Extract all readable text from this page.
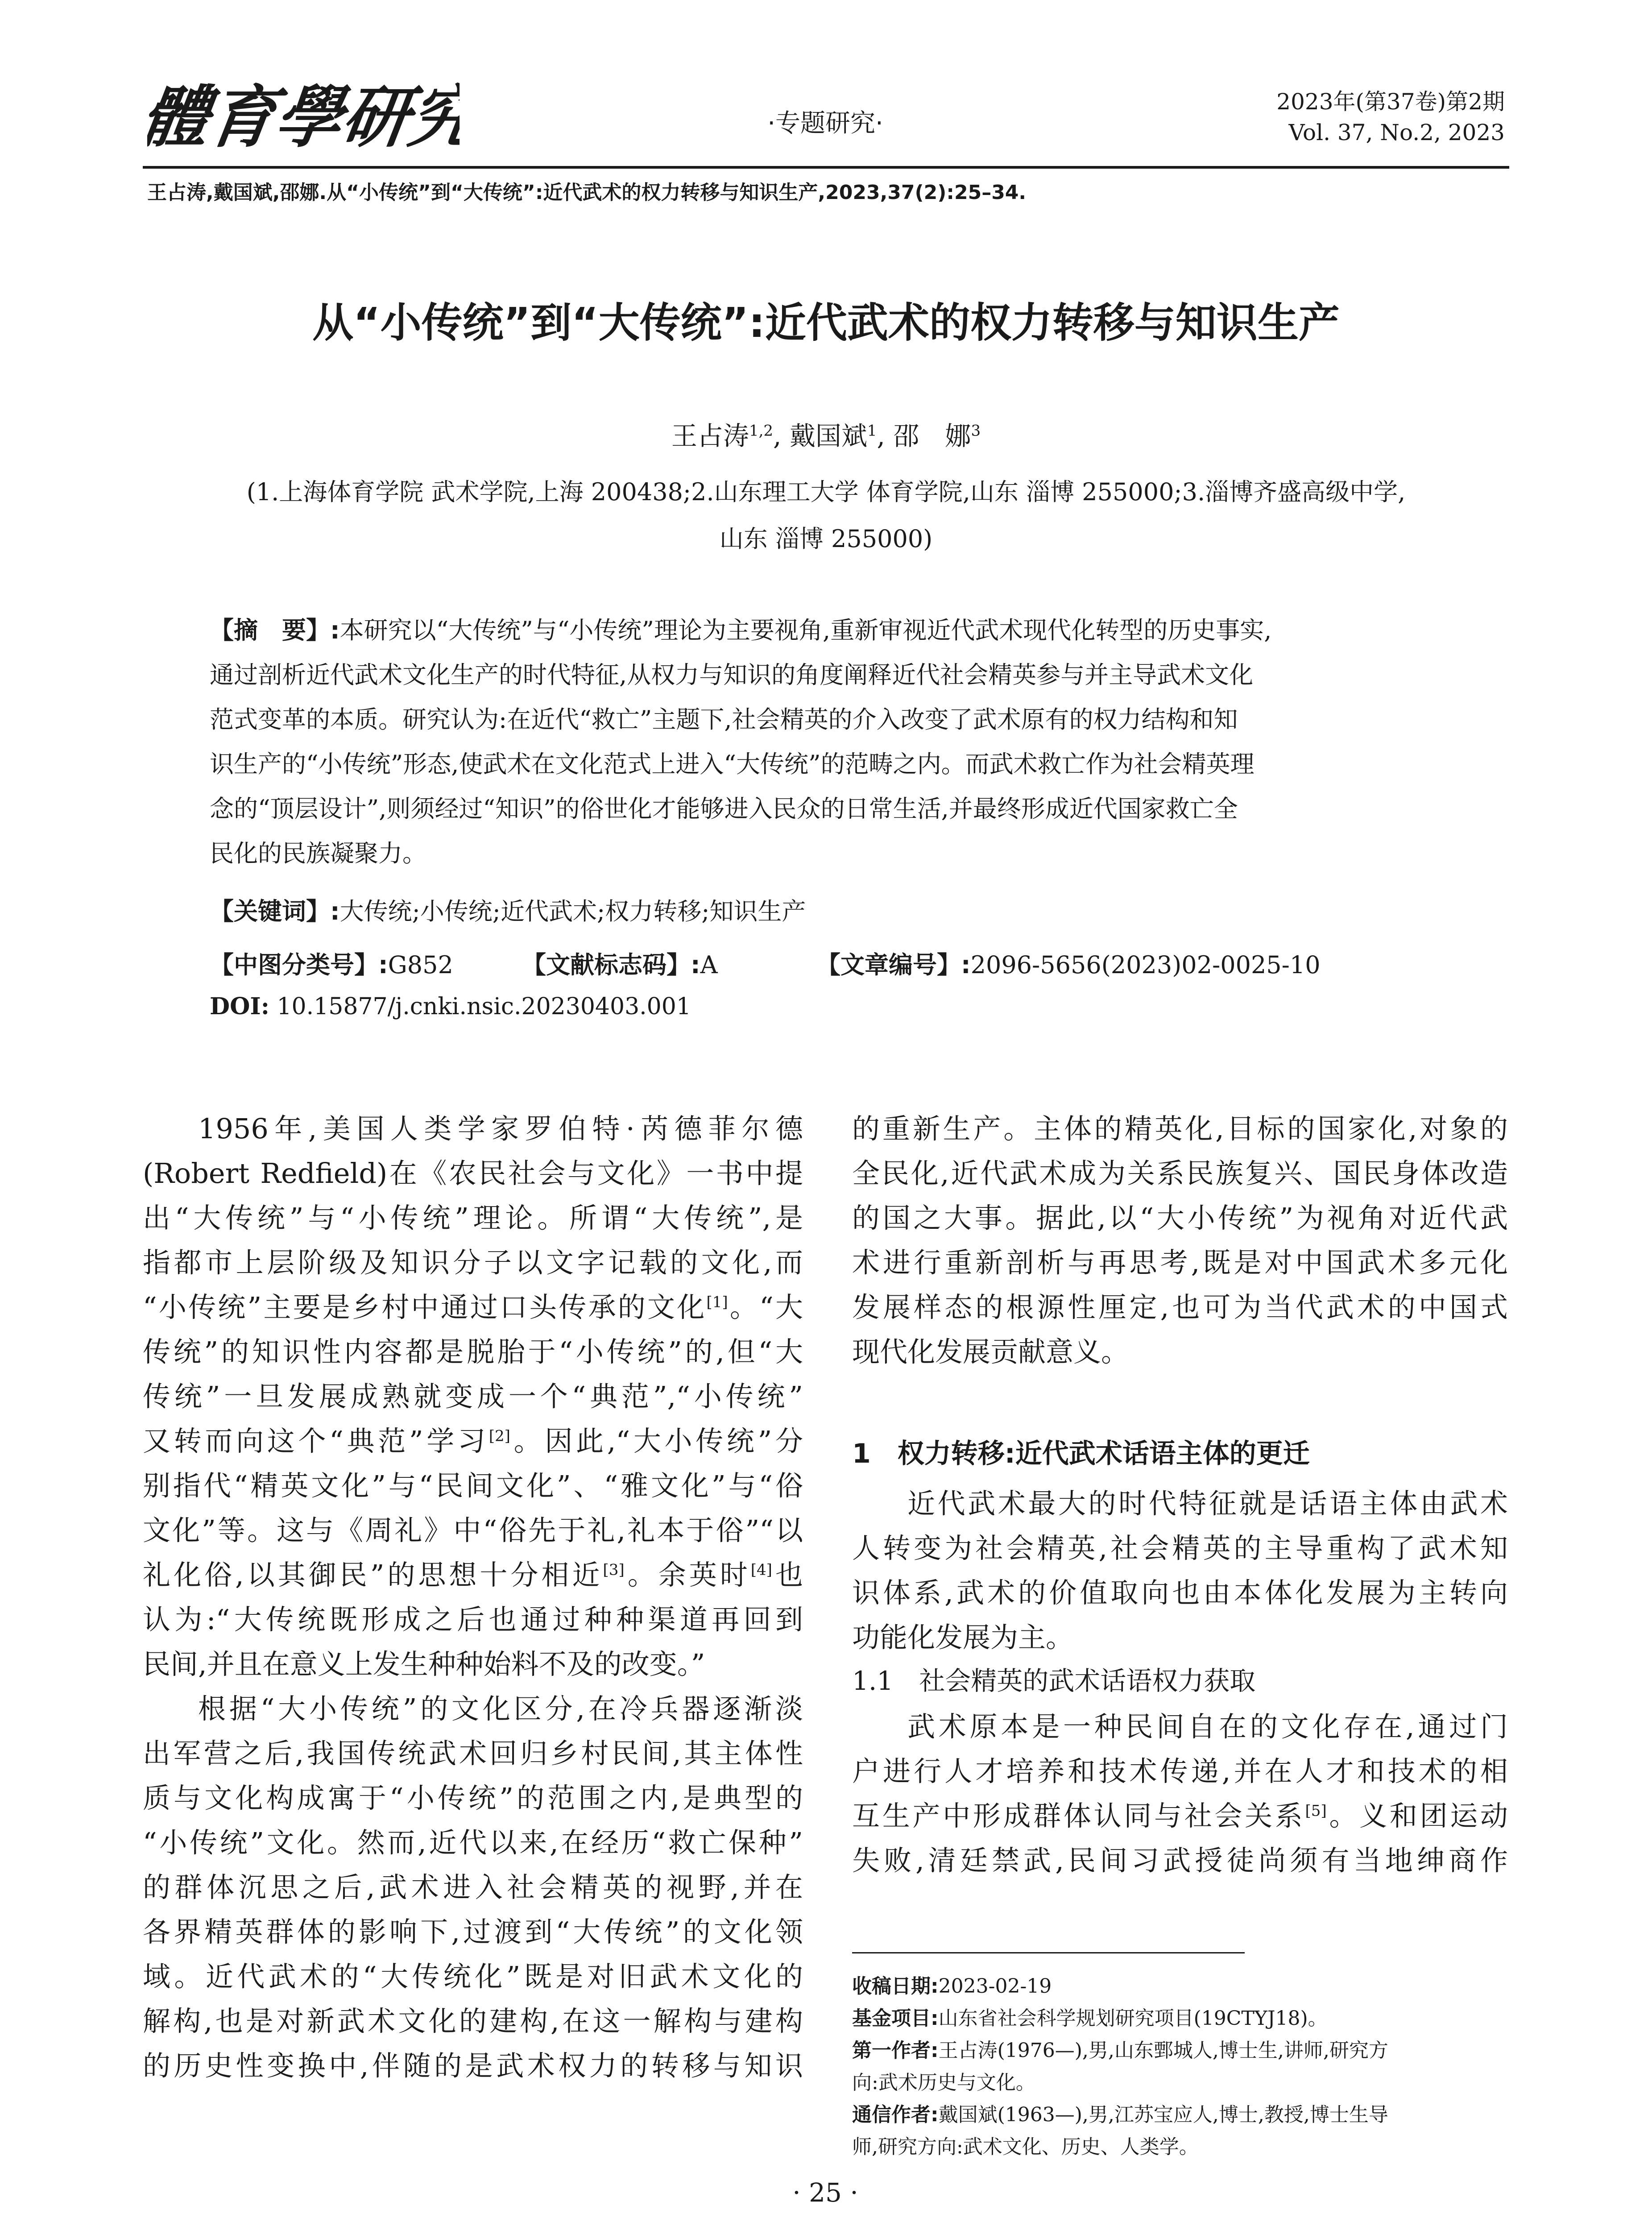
體育學研究	·专题研究·
2023年(第37卷)第2期
Vol. 37, No.2, 2023
王占涛,戴国斌,邵娜.从“小传统”到“大传统”:近代武术的权力转移与知识生产,2023,37(2):25–34.
从“小传统”到“大传统”:近代武术的权力转移与知识生产
王占涛$^{1,2}$, 戴国斌$^1$, 邵　娜$^3$
(1.上海体育学院 武术学院,上海 200438;2.山东理工大学 体育学院,山东 淄博 255000;3.淄博齐盛高级中学,
山东 淄博 255000)
【摘　要】:本研究以“大传统”与“小传统”理论为主要视角,重新审视近代武术现代化转型的历史事实,
通过剖析近代武术文化生产的时代特征,从权力与知识的角度阐释近代社会精英参与并主导武术文化
范式变革的本质。研究认为:在近代“救亡”主题下,社会精英的介入改变了武术原有的权力结构和知
识生产的“小传统”形态,使武术在文化范式上进入“大传统”的范畴之内。而武术救亡作为社会精英理
念的“顶层设计”,则须经过“知识”的俗世化才能够进入民众的日常生活,并最终形成近代国家救亡全
民化的民族凝聚力。
【关键词】:大传统;小传统;近代武术;权力转移;知识生产
【中图分类号】:G852	【文献标志码】:A	【文章编号】:2096-5656(2023)02-0025-10
DOI: 10.15877/j.cnki.nsic.20230403.001
1956年,美国人类学家罗伯特·芮德菲尔德
(Robert Redfield)在《农民社会与文化》一书中提
出“大传统”与“小传统”理论。所谓“大传统”,是
指都市上层阶级及知识分子以文字记载的文化,而
“小传统”主要是乡村中通过口头传承的文化[1]。“大
传统”的知识性内容都是脱胎于“小传统”的,但“大
传统”一旦发展成熟就变成一个“典范”,“小传统”
又转而向这个“典范”学习[2]。因此,“大小传统”分
别指代“精英文化”与“民间文化”、“雅文化”与“俗
文化”等。这与《周礼》中“俗先于礼,礼本于俗”“以
礼化俗,以其御民”的思想十分相近[3]。余英时[4]也
认为:“大传统既形成之后也通过种种渠道再回到
民间,并且在意义上发生种种始料不及的改变。”
根据“大小传统”的文化区分,在冷兵器逐渐淡
出军营之后,我国传统武术回归乡村民间,其主体性
质与文化构成寓于“小传统”的范围之内,是典型的
“小传统”文化。然而,近代以来,在经历“救亡保种”
的群体沉思之后,武术进入社会精英的视野,并在
各界精英群体的影响下,过渡到“大传统”的文化领
域。近代武术的“大传统化”既是对旧武术文化的
解构,也是对新武术文化的建构,在这一解构与建构
的历史性变换中,伴随的是武术权力的转移与知识
的重新生产。主体的精英化,目标的国家化,对象的
全民化,近代武术成为关系民族复兴、国民身体改造
的国之大事。据此,以“大小传统”为视角对近代武
术进行重新剖析与再思考,既是对中国武术多元化
发展样态的根源性厘定,也可为当代武术的中国式
现代化发展贡献意义。
1　权力转移:近代武术话语主体的更迁
近代武术最大的时代特征就是话语主体由武术
人转变为社会精英,社会精英的主导重构了武术知
识体系,武术的价值取向也由本体化发展为主转向
功能化发展为主。
1.1　社会精英的武术话语权力获取
武术原本是一种民间自在的文化存在,通过门
户进行人才培养和技术传递,并在人才和技术的相
互生产中形成群体认同与社会关系[5]。义和团运动
失败,清廷禁武,民间习武授徒尚须有当地绅商作
收稿日期:2023-02-19
基金项目:山东省社会科学规划研究项目(19CTYJ18)。
第一作者:王占涛(1976—),男,山东鄄城人,博士生,讲师,研究方
向:武术历史与文化。
通信作者:戴国斌(1963—),男,江苏宝应人,博士,教授,博士生导
师,研究方向:武术文化、历史、人类学。
· 25 ·
